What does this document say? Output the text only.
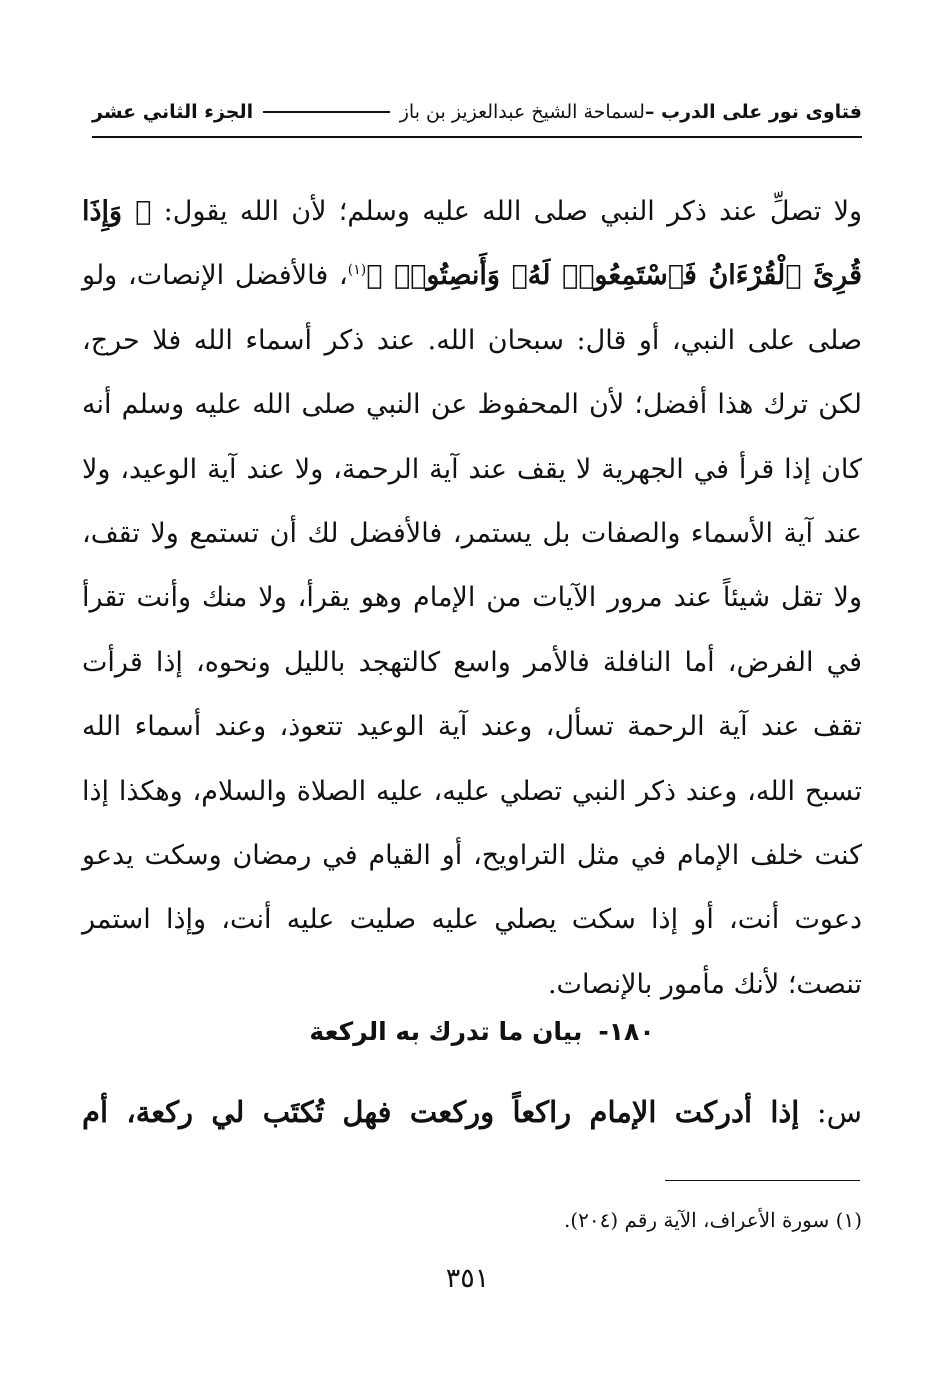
فتاوى نور على الدرب –
لسماحة الشيخ عبدالعزيز بن باز
الجزء الثاني عشر

ولا تصلِّ عند ذكر النبي صلى الله عليه وسلم؛ لأن الله يقول: ﴿ وَإِذَا قُرِئَ ٱلْقُرْءَانُ فَٱسْتَمِعُوا۟ لَهُۥ وَأَنصِتُوا۟ ﴾$^{(١)}$، فالأفضل الإنصات، ولو صلى على النبي، أو قال: سبحان الله. عند ذكر أسماء الله فلا حرج، لكن ترك هذا أفضل؛ لأن المحفوظ عن النبي صلى الله عليه وسلم أنه كان إذا قرأ في الجهرية لا يقف عند آية الرحمة، ولا عند آية الوعيد، ولا عند آية الأسماء والصفات بل يستمر، فالأفضل لك أن تستمع ولا تقف، ولا تقل شيئاً عند مرور الآيات من الإمام وهو يقرأ، ولا منك وأنت تقرأ في الفرض، أما النافلة فالأمر واسع كالتهجد بالليل ونحوه، إذا قرأت تقف عند آية الرحمة تسأل، وعند آية الوعيد تتعوذ، وعند أسماء الله تسبح الله، وعند ذكر النبي تصلي عليه، عليه الصلاة والسلام، وهكذا إذا كنت خلف الإمام في مثل التراويح، أو القيام في رمضان وسكت يدعو دعوت أنت، أو إذا سكت يصلي عليه صليت عليه أنت، وإذا استمر تنصت؛ لأنك مأمور بالإنصات.

١٨٠-بيان ما تدرك به الركعة
س: إذا أدركت الإمام راكعاً وركعت فهل تُكتَب لي ركعة، أم
(١) سورة الأعراف، الآية رقم (٢٠٤).
٣٥١
